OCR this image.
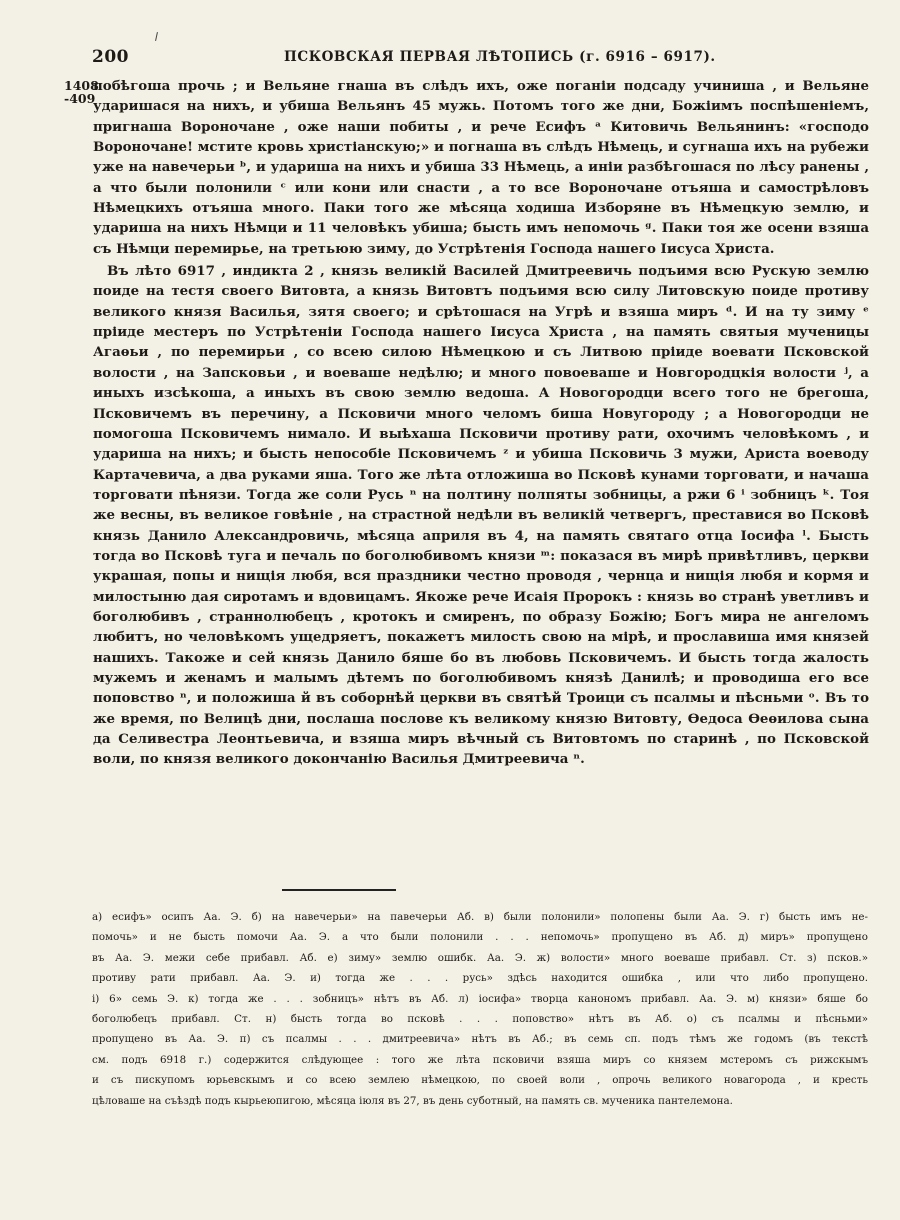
200	ПСКОВСКАЯ ПЕРВАЯ ЛѢТОПИСЬ (г. 6916 – 6917).
1408
-409

побѣгоша прочь ; и Вельяне гнаша въ слѣдъ ихъ, оже поганіи подсаду учиниша , и Вельяне ударишася на нихъ, и убиша Вельянъ 45 мужь. Потомъ того же дни, Божіимъ поспѣшеніемъ, пригнаша Вороночане , оже наши побиты , и рече Есифъ ᵃ Китовичь Вельянинъ: «господо Вороночане! мстите кровь христіанскую;» и погнаша въ слѣдъ Нѣмець, и сугнаша ихъ на рубежи уже на навечерьи ᵇ, и удариша на нихъ и убиша 33 Нѣмець, а иніи разбѣгошася по лѣсу ранены , а что были полонили ᶜ или кони или снасти , а то все Вороночане отъяша и самострѣловъ Нѣмецкихъ отъяша много. Паки того же мѣсяца ходиша Изборяне въ Нѣмецкую землю, и удариша на нихъ Нѣмци и 11 человѣкъ убиша; бысть имъ непомочь ᵍ. Паки тоя же осени взяша съ Нѣмци перемирье, на третьюю зиму, до Устрѣтенія Господа нашего Іисуса Христа.

Въ лѣто 6917 , индикта 2 , князь великій Василей Дмитреевичь подъимя всю Рускую землю поиде на тестя своего Витовта, а князь Витовтъ подъимя всю силу Литовскую поиде противу великого князя Василья, зятя своего; и срѣтошася на Угрѣ и взяша миръ ᵈ. И на ту зиму ᵉ пріиде местеръ по Устрѣтеніи Господа нашего Іисуса Христа , на память святыя мученицы Агаѳьи , по перемирьи , со всею силою Нѣмецкою и съ Литвою пріиде воевати Псковской волости , на Запсковьи , и воеваше недѣлю; и много повоеваше и Новгородцкія волости ʲ, а иныхъ изсѣкоша, а иныхъ въ свою землю ведоша. А Новогородци всего того не брегоша, Псковичемъ въ перечину, а Псковичи много челомъ биша Новугороду ; а Новогородци не помогоша Псковичемъ нимало. И выѣхаша Псковичи противу рати, охочимъ человѣкомъ , и удариша на нихъ; и бысть непособіе Псковичемъ ᶻ и убиша Псковичь 3 мужи, Ариста воеводу Картачевича, а два руками яша. Того же лѣта отложиша во Псковѣ кунами торговати, и начаша торговати пѣнязи. Тогда же соли Русь ⁿ на полтину полпяты зобницы, а ржи 6 ⁱ зобницъ ᵏ. Тоя же весны, въ великое говѣніе , на страстной недѣли въ великій четвергъ, преставися во Псковѣ князь Данило Александровичь, мѣсяца априля въ 4, на память святаго отца Іосифа ˡ. Бысть тогда во Псковѣ туга и печаль по боголюбивомъ князи ᵐ: показася въ мирѣ привѣтливъ, церкви украшая, попы и нищія любя, вся праздники честно проводя , чернца и нищія любя и кормя и милостыню дая сиротамъ и вдовицамъ. Якоже рече Исаія Пророкъ : князь во странѣ уветливъ и боголюбивъ , страннолюбецъ , кротокъ и смиренъ, по образу Божію; Богъ мира не ангеломъ любитъ, но человѣкомъ ущедряетъ, покажетъ милость свою на мірѣ, и прославиша имя князей нашихъ. Такоже и сей князь Данило бяше бо въ любовь Псковичемъ. И бысть тогда жалость мужемъ и женамъ и малымъ дѣтемъ по боголюбивомъ князѣ Данилѣ; и проводиша его все поповство ⁿ, и положиша й въ соборнѣй церкви въ святѣй Троици съ псалмы и пѣсньми ᵒ. Въ то же время, по Велицѣ дни, послаша послове къ великому князю Витовту, Ѳедоса Ѳеѳилова сына да Селивестра Леонтьевича, и взяша миръ вѣчный съ Витовтомъ по старинѣ , по Псковской воли, по князя великого докончанію Василья Дмитреевича ⁿ.

а) есифъ» осипъ Аа. Э. б) на навечерьи» на павечерьи Аб. в) были полонили» полопены были Аа. Э. г) бысть имъ не-

помочь» и не бысть помочи Аа. Э. а что были полонили . . . непомочь» пропущено въ Аб. д) миръ» пропущено

въ Аа. Э. межи себе прибавл. Аб. е) зиму» землю ошибк. Аа. Э. ж) волости» много воеваше прибавл. Ст. з) псков.»

противу рати прибавл. Аа. Э. и) тогда же . . . русь» здѣсь находится ошибка , или что либо пропущено.

і) 6» семь Э. к) тогда же . . . зобницъ» нѣтъ въ Аб. л) іосифа» творца канономъ прибавл. Аа. Э. м) князи» бяше бо

боголюбецъ прибавл. Ст. н) бысть тогда во псковѣ . . . поповство» нѣтъ въ Аб. о) съ псалмы и пѣсньми»

пропущено въ Аа. Э. п) съ псалмы . . . дмитреевича» нѣтъ въ Аб.; въ семь сп. подъ тѣмъ же годомъ (въ текстѣ

см. подъ 6918 г.) содержится слѣдующее : того же лѣта псковичи взяша миръ со князем мстеромъ съ рижскымъ

и съ пискупомъ юрьевскымъ и со всею землею нѣмецкою, по своей воли , опрочь великого новагорода , и кресть

цѣловаше на съѣздѣ подъ кырьеюпигою, мѣсяца іюля въ 27, въ день суботный, на память св. мученика пантелемона.
